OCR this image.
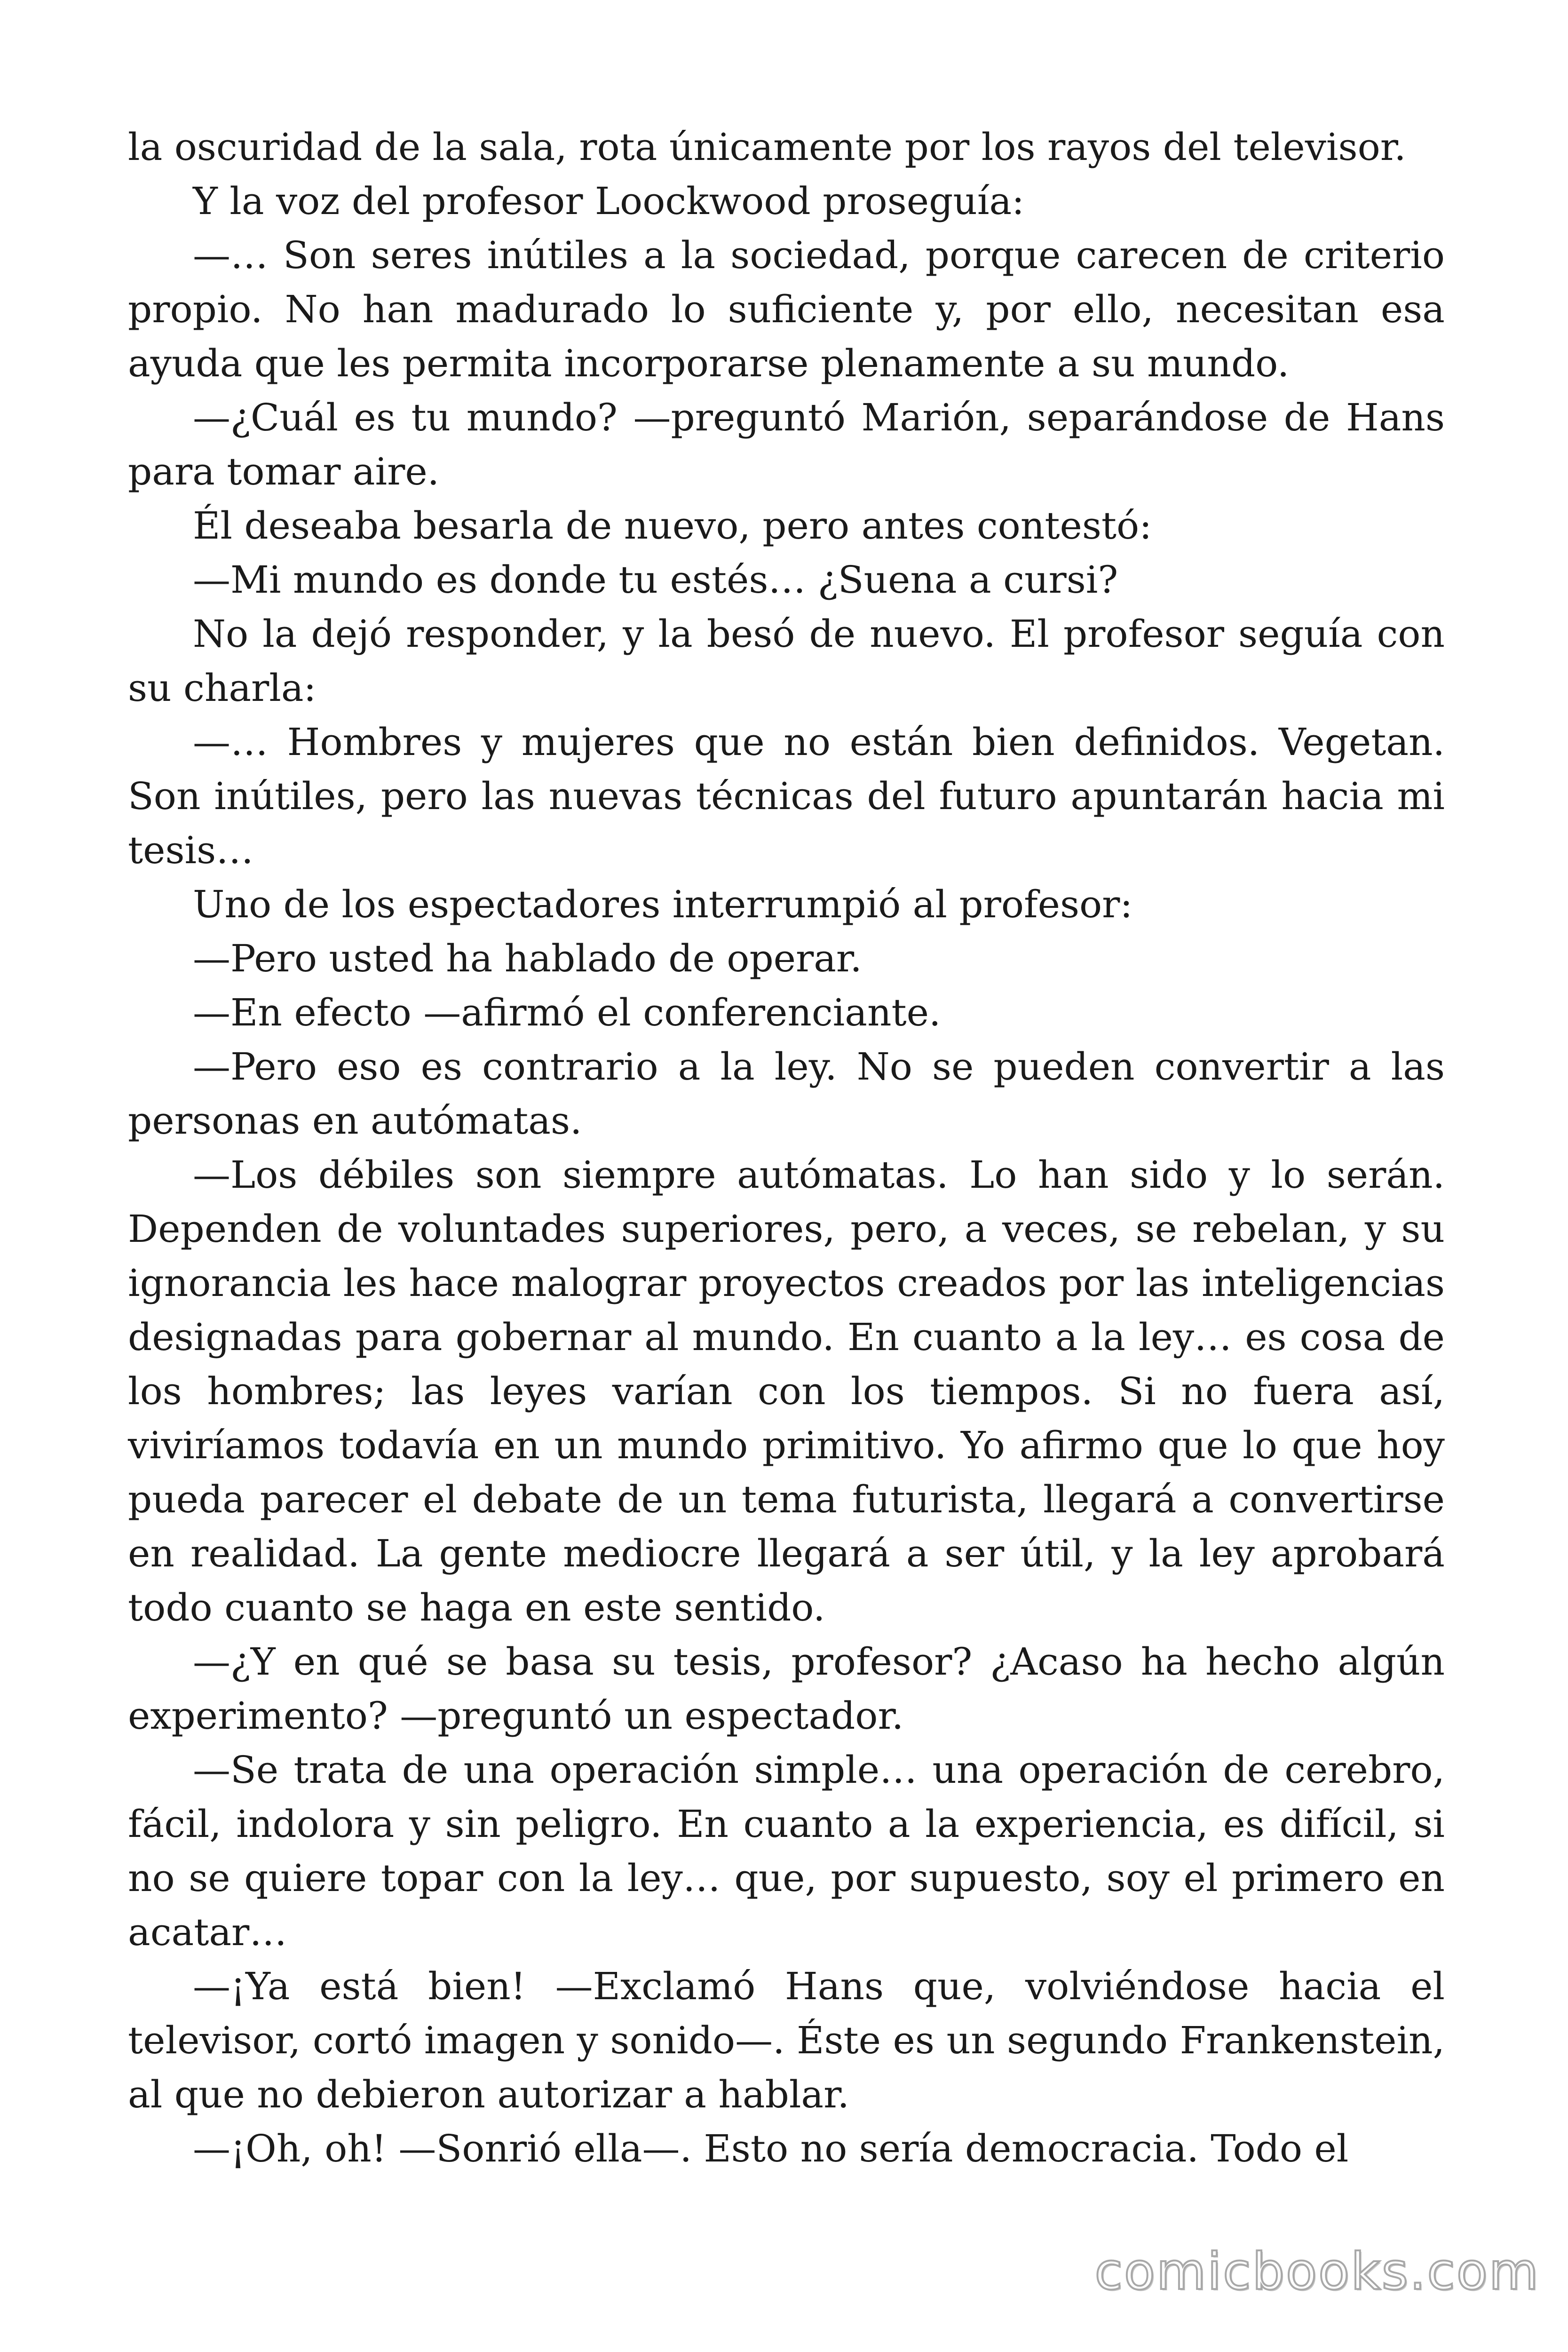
la oscuridad de la sala, rota únicamente por los rayos del televisor.

Y la voz del profesor Loockwood proseguía:

—… Son seres inútiles a la sociedad, porque carecen de criterio propio. No han madurado lo suficiente y, por ello, necesitan esa ayuda que les permita incorporarse plenamente a su mundo.

—¿Cuál es tu mundo? —preguntó Marión, separándose de Hans para tomar aire.

Él deseaba besarla de nuevo, pero antes contestó:

—Mi mundo es donde tu estés… ¿Suena a cursi?

No la dejó responder, y la besó de nuevo. El profesor seguía con su charla:

—… Hombres y mujeres que no están bien definidos. Vegetan. Son inútiles, pero las nuevas técnicas del futuro apuntarán hacia mi tesis…

Uno de los espectadores interrumpió al profesor:

—Pero usted ha hablado de operar.

—En efecto —afirmó el conferenciante.

—Pero eso es contrario a la ley. No se pueden convertir a las personas en autómatas.

—Los débiles son siempre autómatas. Lo han sido y lo serán. Dependen de voluntades superiores, pero, a veces, se rebelan, y su ignorancia les hace malograr proyectos creados por las inteligencias designadas para gobernar al mundo. En cuanto a la ley… es cosa de los hombres; las leyes varían con los tiempos. Si no fuera así, viviríamos todavía en un mundo primitivo. Yo afirmo que lo que hoy pueda parecer el debate de un tema futurista, llegará a convertirse en realidad. La gente mediocre llegará a ser útil, y la ley aprobará todo cuanto se haga en este sentido.

—¿Y en qué se basa su tesis, profesor? ¿Acaso ha hecho algún experimento? —preguntó un espectador.

—Se trata de una operación simple… una operación de cerebro, fácil, indolora y sin peligro. En cuanto a la experiencia, es difícil, si no se quiere topar con la ley… que, por supuesto, soy el primero en acatar…

—¡Ya está bien! —Exclamó Hans que, volviéndose hacia el televisor, cortó imagen y sonido—. Éste es un segundo Frankenstein, al que no debieron autorizar a hablar.

—¡Oh, oh! —Sonrió ella—. Esto no sería democracia. Todo el

comicbooks.com
